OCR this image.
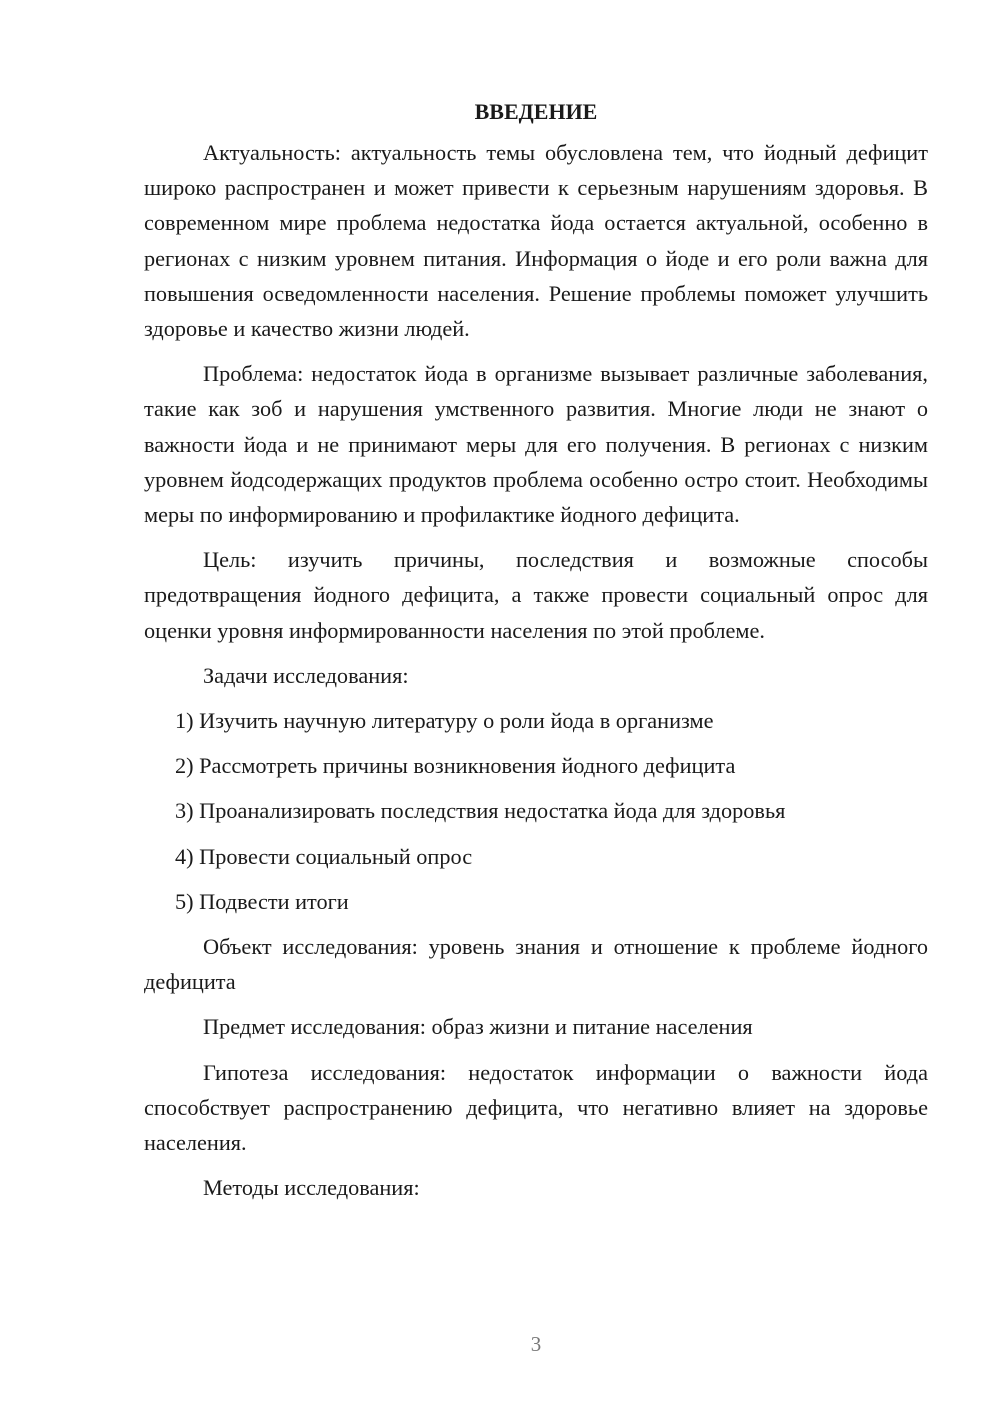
ВВЕДЕНИЕ

Актуальность: актуальность темы обусловлена тем, что йодный дефицит широко распространен и может привести к серьезным нарушениям здоровья. В современном мире проблема недостатка йода остается актуальной, особенно в регионах с низким уровнем питания. Информация о йоде и его роли важна для повышения осведомленности населения. Решение проблемы поможет улучшить здоровье и качество жизни людей.

Проблема: недостаток йода в организме вызывает различные заболевания, такие как зоб и нарушения умственного развития. Многие люди не знают о важности йода и не принимают меры для его получения. В регионах с низким уровнем йодсодержащих продуктов проблема особенно остро стоит. Необходимы меры по информированию и профилактике йодного дефицита.

Цель: изучить причины, последствия и возможные способы предотвращения йодного дефицита, а также провести социальный опрос для оценки уровня информированности населения по этой проблеме.

Задачи исследования:

1) Изучить научную литературу о роли йода в организме
2) Рассмотреть причины возникновения йодного дефицита
3) Проанализировать последствия недостатка йода для здоровья
4) Провести социальный опрос
5) Подвести итоги

Объект исследования: уровень знания и отношение к проблеме йодного дефицита

Предмет исследования: образ жизни и питание населения

Гипотеза исследования: недостаток информации о важности йода способствует распространению дефицита, что негативно влияет на здоровье населения.

Методы исследования:

3
